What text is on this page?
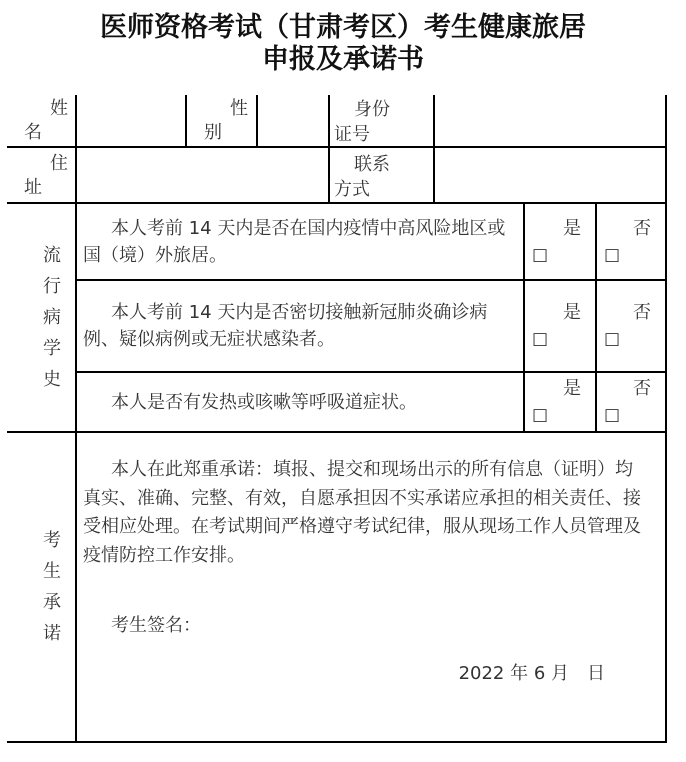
医师资格考试（甘肃考区）考生健康旅居
申报及承诺书
姓名
性别
身份证号
住址
联系方式
流行病学史
本人考前 14 天内是否在国内疫情中高风险地区或
国（境）外旅居。
是
□
否
□
本人考前 14 天内是否密切接触新冠肺炎确诊病
例、疑似病例或无症状感染者。
是
□
否
□
本人是否有发热或咳嗽等呼吸道症状。
是
□
否
□
考生承诺
本人在此郑重承诺：填报、提交和现场出示的所有信息（证明）均
真实、准确、完整、有效，自愿承担因不实承诺应承担的相关责任、接
受相应处理。在考试期间严格遵守考试纪律，服从现场工作人员管理及
疫情防控工作安排。
考生签名：
2022 年 6 月　日
